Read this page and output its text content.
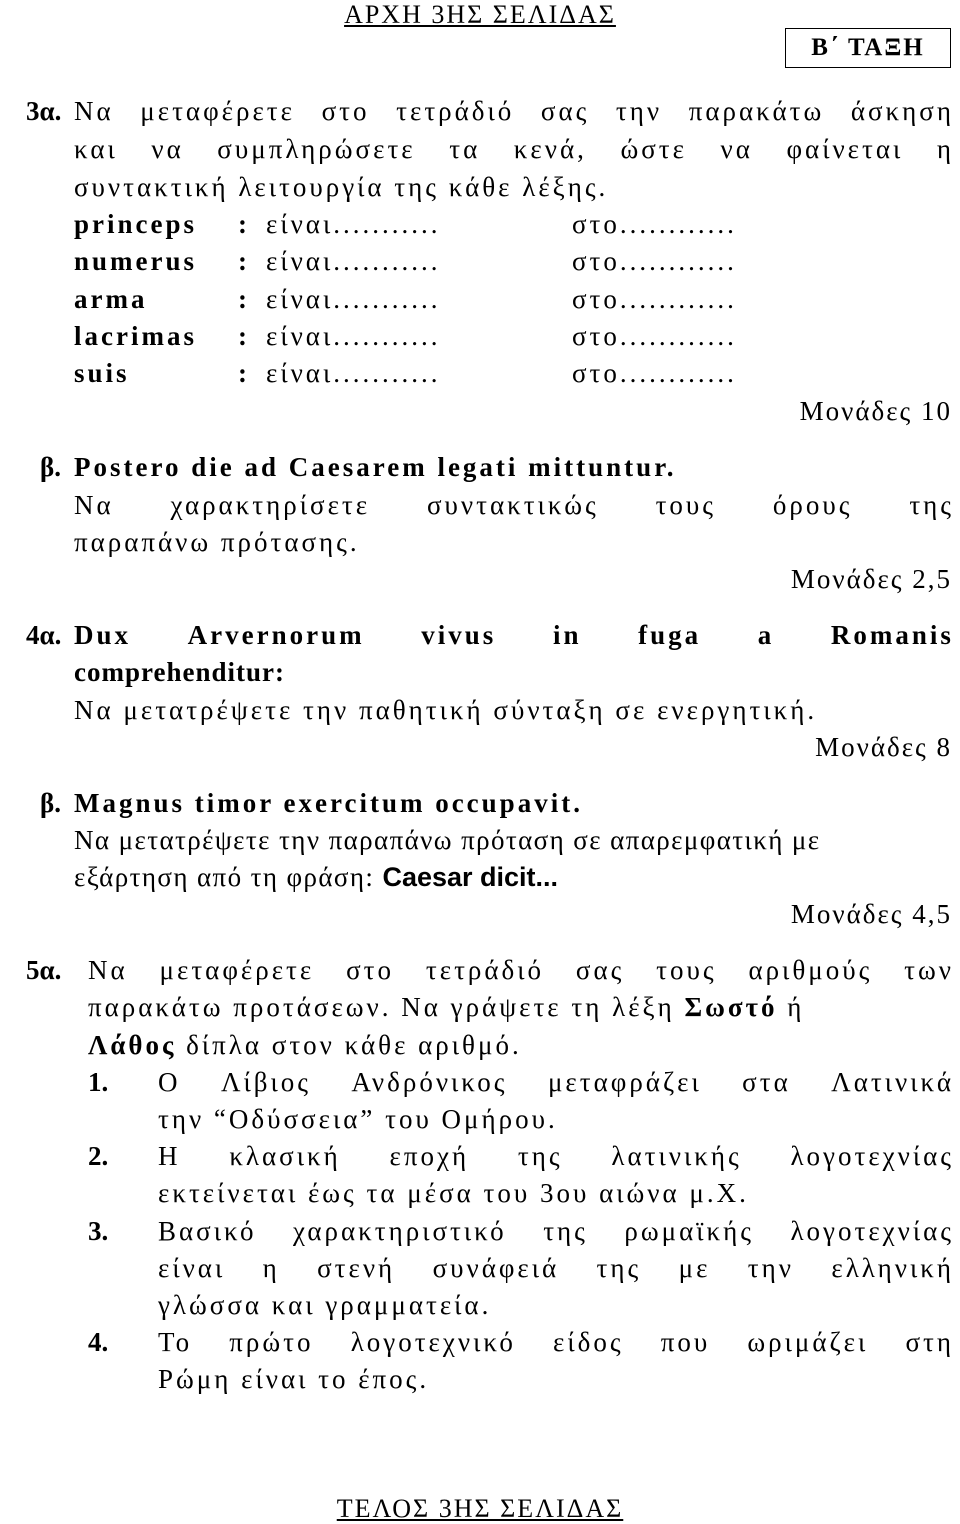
ΑΡΧΗ 3ΗΣ ΣΕΛΙΔΑΣ
Β΄ ΤΑΞΗ
3α. Να μεταφέρετε στο τετράδιό σας την παρακάτω άσκηση
και να συμπληρώσετε τα κενά, ώστε να φαίνεται η
συντακτική λειτουργία της κάθε λέξης.
princeps : είναι...........	στο............
numerus : είναι...........	στο............
arma	: είναι...........	στο............
lacrimas : είναι...........	στο............
suis	: είναι...........	στο............
Μονάδες 10
β. Postero die ad Caesarem legati mittuntur.
Να χαρακτηρίσετε συντακτικώς τους όρους της
παραπάνω πρότασης.
Μονάδες 2,5
4α. Dux Arvernorum vivus in fuga a Romanis
comprehenditur:
Να μετατρέψετε την παθητική σύνταξη σε ενεργητική.
Μονάδες 8
β. Magnus timor exercitum occupavit.
Να μετατρέψετε την παραπάνω πρόταση σε απαρεμφατική με
εξάρτηση από τη φράση: Caesar dicit...
Μονάδες 4,5
5α. Να μεταφέρετε στο τετράδιό σας τους αριθμούς των
παρακάτω προτάσεων. Να γράψετε τη λέξη Σωστό ή
Λάθος δίπλα στον κάθε αριθμό.
1. Ο Λίβιος Ανδρόνικος μεταφράζει στα Λατινικά
την “Οδύσσεια” του Ομήρου.
2. Η κλασική εποχή της λατινικής λογοτεχνίας
εκτείνεται έως τα μέσα του 3ου αιώνα μ.Χ.
3. Βασικό χαρακτηριστικό της ρωμαϊκής λογοτεχνίας
είναι η στενή συνάφειά της με την ελληνική
γλώσσα και γραμματεία.
4. Το πρώτο λογοτεχνικό είδος που ωριμάζει στη
Ρώμη είναι το έπος.
ΤΕΛΟΣ 3ΗΣ ΣΕΛΙΔΑΣ
